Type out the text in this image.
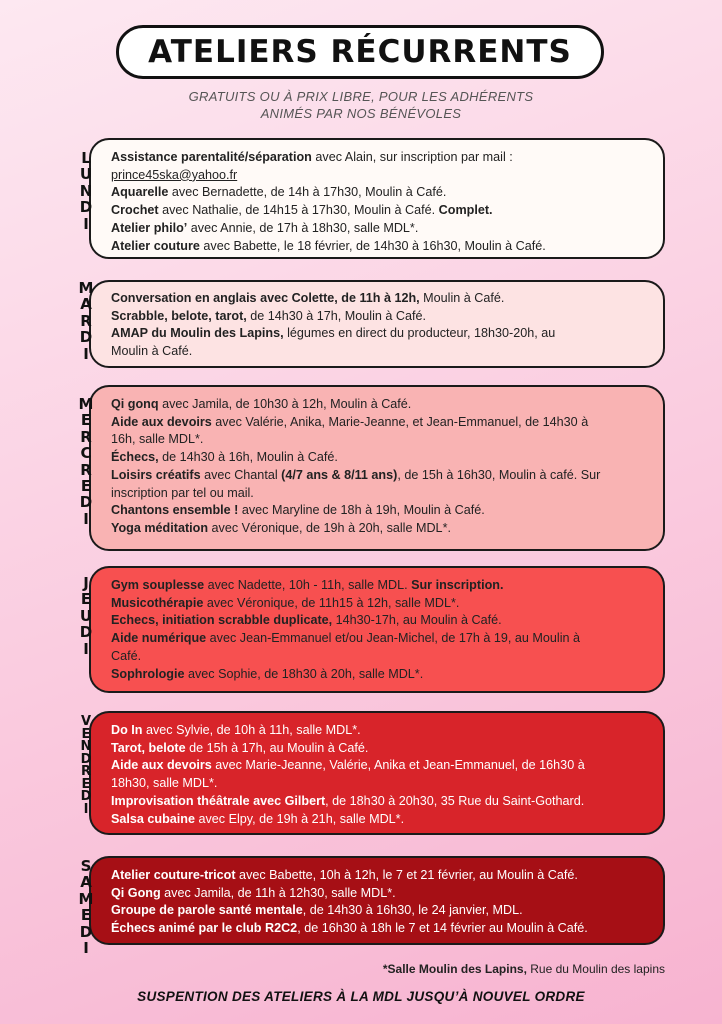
ATELIERS RÉCURRENTS
GRATUITS OU À PRIX LIBRE, POUR LES ADHÉRENTS
ANIMÉS PAR NOS BÉNÉVOLES
Assistance parentalité/séparation avec Alain, sur inscription par mail :
prince45ska@yahoo.fr
Aquarelle avec Bernadette, de 14h à 17h30, Moulin à Café.
Crochet avec Nathalie, de 14h15 à 17h30, Moulin à Café. Complet.
Atelier philo’ avec Annie, de 17h à 18h30, salle MDL*.
Atelier couture avec Babette, le 18 février, de 14h30 à 16h30, Moulin à Café.
Conversation en anglais avec Colette, de 11h à 12h, Moulin à Café.
Scrabble, belote, tarot, de 14h30 à 17h, Moulin à Café.
AMAP du Moulin des Lapins, légumes en direct du producteur, 18h30-20h, au
Moulin à Café.
Qi gonq avec Jamila, de 10h30 à 12h, Moulin à Café.
Aide aux devoirs avec Valérie, Anika, Marie-Jeanne, et Jean-Emmanuel, de 14h30 à
16h, salle MDL*.
Échecs, de 14h30 à 16h, Moulin à Café.
Loisirs créatifs avec Chantal (4/7 ans & 8/11 ans), de 15h à 16h30, Moulin à café. Sur
inscription par tel ou mail.
Chantons ensemble ! avec Maryline de 18h à 19h, Moulin à Café.
Yoga méditation avec Véronique, de 19h à 20h, salle MDL*.
Gym souplesse avec Nadette, 10h - 11h, salle MDL. Sur inscription.
Musicothérapie avec Véronique, de 11h15 à 12h, salle MDL*.
Echecs, initiation scrabble duplicate, 14h30-17h, au Moulin à Café.
Aide numérique avec Jean-Emmanuel et/ou Jean-Michel, de 17h à 19, au Moulin à
Café.
Sophrologie avec Sophie, de 18h30 à 20h, salle MDL*.
Do In avec Sylvie, de 10h à 11h, salle MDL*.
Tarot, belote de 15h à 17h, au Moulin à Café.
Aide aux devoirs avec Marie-Jeanne, Valérie, Anika et Jean-Emmanuel, de 16h30 à
18h30, salle MDL*.
Improvisation théâtrale avec Gilbert, de 18h30 à 20h30, 35 Rue du Saint-Gothard.
Salsa cubaine avec Elpy, de 19h à 21h, salle MDL*.
Atelier couture-tricot avec Babette, 10h à 12h, le 7 et 21 février, au Moulin à Café.
Qi Gong avec Jamila, de 11h à 12h30, salle MDL*.
Groupe de parole santé mentale, de 14h30 à 16h30, le 24 janvier, MDL.
Échecs animé par le club R2C2, de 16h30 à 18h le 7 et 14 février au Moulin à Café.
L
U
N
D
I
M
A
R
D
I
M
E
R
C
R
E
D
I
J
E
U
D
I
V
E
N
D
R
E
D
I
S
A
M
E
D
I
*Salle Moulin des Lapins, Rue du Moulin des lapins
SUSPENTION DES ATELIERS À LA MDL JUSQU’À NOUVEL ORDRE
